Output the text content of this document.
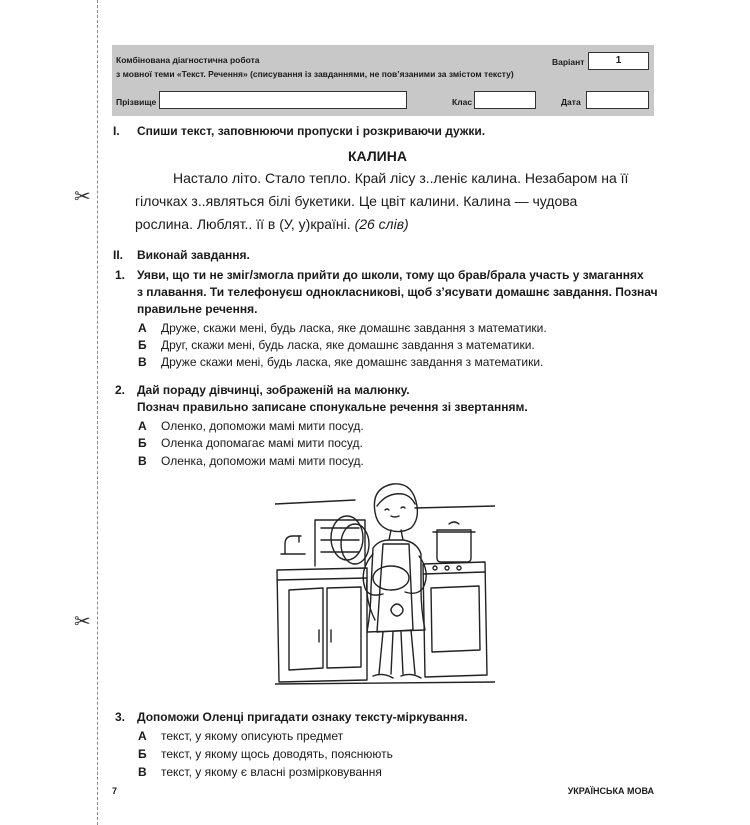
✂
✂
Комбінована діагностична робота
з мовної теми «Текст. Речення» (списування із завданнями, не пов’язаними за змістом тексту)
Варіант	1
Прізвище	Клас	Дата
I. Спиши текст, заповнюючи пропуски і розкриваючи дужки.
КАЛИНА
Настало літо. Стало тепло. Край лісу з..леніє калина. Незабаром на її
гілочках з..являться білі букетики. Це цвіт калини. Калина — чудова
рослина. Люблят.. її в (У, у)країні. (26 слів)
II. Виконай завдання.
1. Уяви, що ти не зміг/змогла прийти до школи, тому що брав/брала участь у змаганнях
з плавання. Ти телефонуєш однокласникові, щоб з’ясувати домашнє завдання. Познач
правильне речення.
А Друже, скажи мені, будь ласка, яке домашнє завдання з математики.
Б Друг, скажи мені, будь ласка, яке домашнє завдання з математики.
В Друже скажи мені, будь ласка, яке домашнє завдання з математики.
2. Дай пораду дівчинці, зображеній на малюнку.
Познач правильно записане спонукальне речення зі звертанням.
А Оленко, допоможи мамі мити посуд.
Б Оленка допомагає мамі мити посуд.
В Оленка, допоможи мамі мити посуд.
3. Допоможи Оленці пригадати ознаку тексту-міркування.
А текст, у якому описують предмет
Б текст, у якому щось доводять, пояснюють
В текст, у якому є власні розмірковування
7	УКРАЇНСЬКА МОВА
